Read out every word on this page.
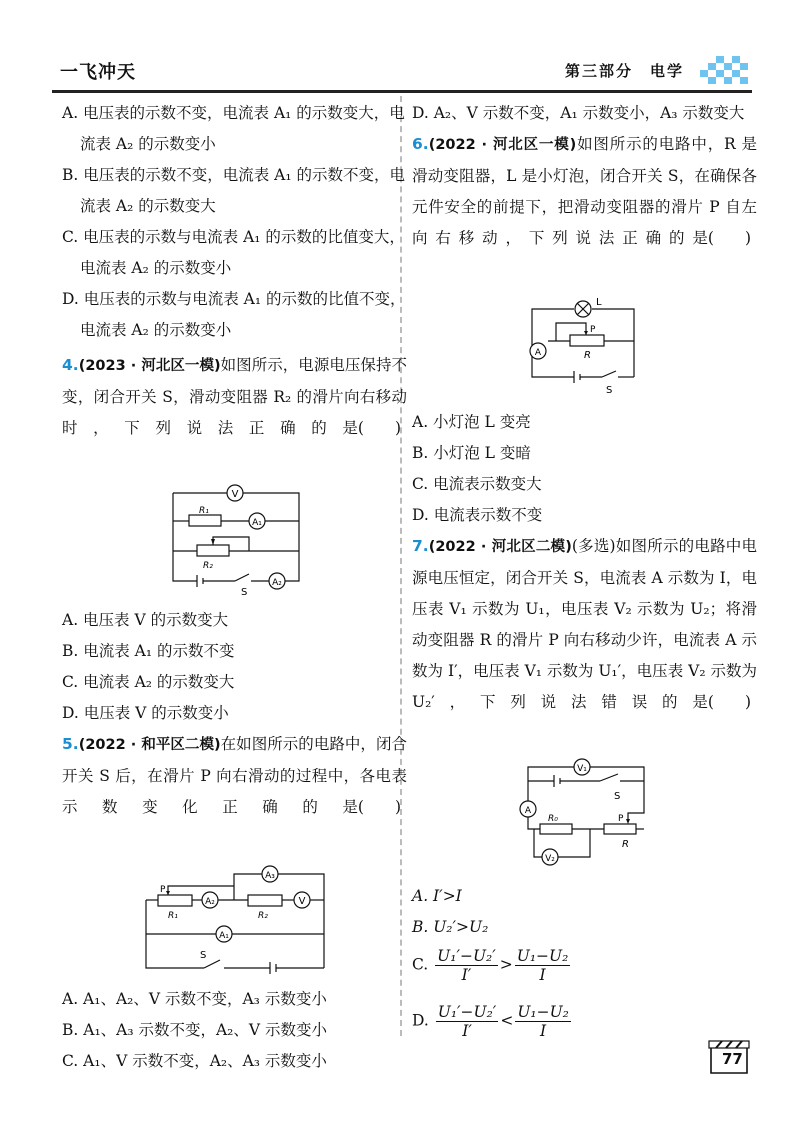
一飞冲天	第三部分　电学
A. 电压表的示数不变，电流表 A₁ 的示数变大，电流表 A₂ 的示数变小
B. 电压表的示数不变，电流表 A₁ 的示数不变，电流表 A₂ 的示数变大
C. 电压表的示数与电流表 A₁ 的示数的比值变大，电流表 A₂ 的示数变小
D. 电压表的示数与电流表 A₁ 的示数的比值不变，电流表 A₂ 的示数变小
4.(2023 · 河北区一模)如图所示，电源电压保持不变，闭合开关 S，滑动变阻器 R₂ 的滑片向右移动时，下列说法正确的是 (　　)
V
R₁
A₁
R₂
S
A₂
A. 电压表 V 的示数变大
B. 电流表 A₁ 的示数不变
C. 电流表 A₂ 的示数变大
D. 电压表 V 的示数变小
5.(2022 · 和平区二模)在如图所示的电路中，闭合开关 S 后，在滑片 P 向右滑动的过程中，各电表示数变化正确的是 (　　)
A₃
P
A₂	V
R₁	R₂
A₁
S
A. A₁、A₂、V 示数不变，A₃ 示数变小
B. A₁、A₃ 示数不变，A₂、V 示数变小
C. A₁、V 示数不变，A₂、A₃ 示数变小
D. A₂、V 示数不变，A₁ 示数变小，A₃ 示数变大
6.(2022 · 河北区一模)如图所示的电路中，R 是滑动变阻器，L 是小灯泡，闭合开关 S，在确保各元件安全的前提下，把滑动变阻器的滑片 P 自左向右移动，下列说法正确的是 (　　)
L
P
A	R
S
A. 小灯泡 L 变亮
B. 小灯泡 L 变暗
C. 电流表示数变大
D. 电流表示数不变
7.(2022 · 河北区二模)(多选)如图所示的电路中电源电压恒定，闭合开关 S，电流表 A 示数为 I，电压表 V₁ 示数为 U₁，电压表 V₂ 示数为 U₂；将滑动变阻器 R 的滑片 P 向右移动少许，电流表 A 示数为 I′，电压表 V₁ 示数为 U₁′，电压表 V₂ 示数为 U₂′，下列说法错误的是 (　　)
V₁
S
A
R₀	P
R
V₂
A. I′>I
B. U₂′>U₂
C. $\frac{\text{U₁′−U₂′}}{I'} > \frac{\text{U₁−U₂}}{I}$
D. $\frac{\text{U₁′−U₂′}}{I'} < \frac{\text{U₁−U₂}}{I}$
77
